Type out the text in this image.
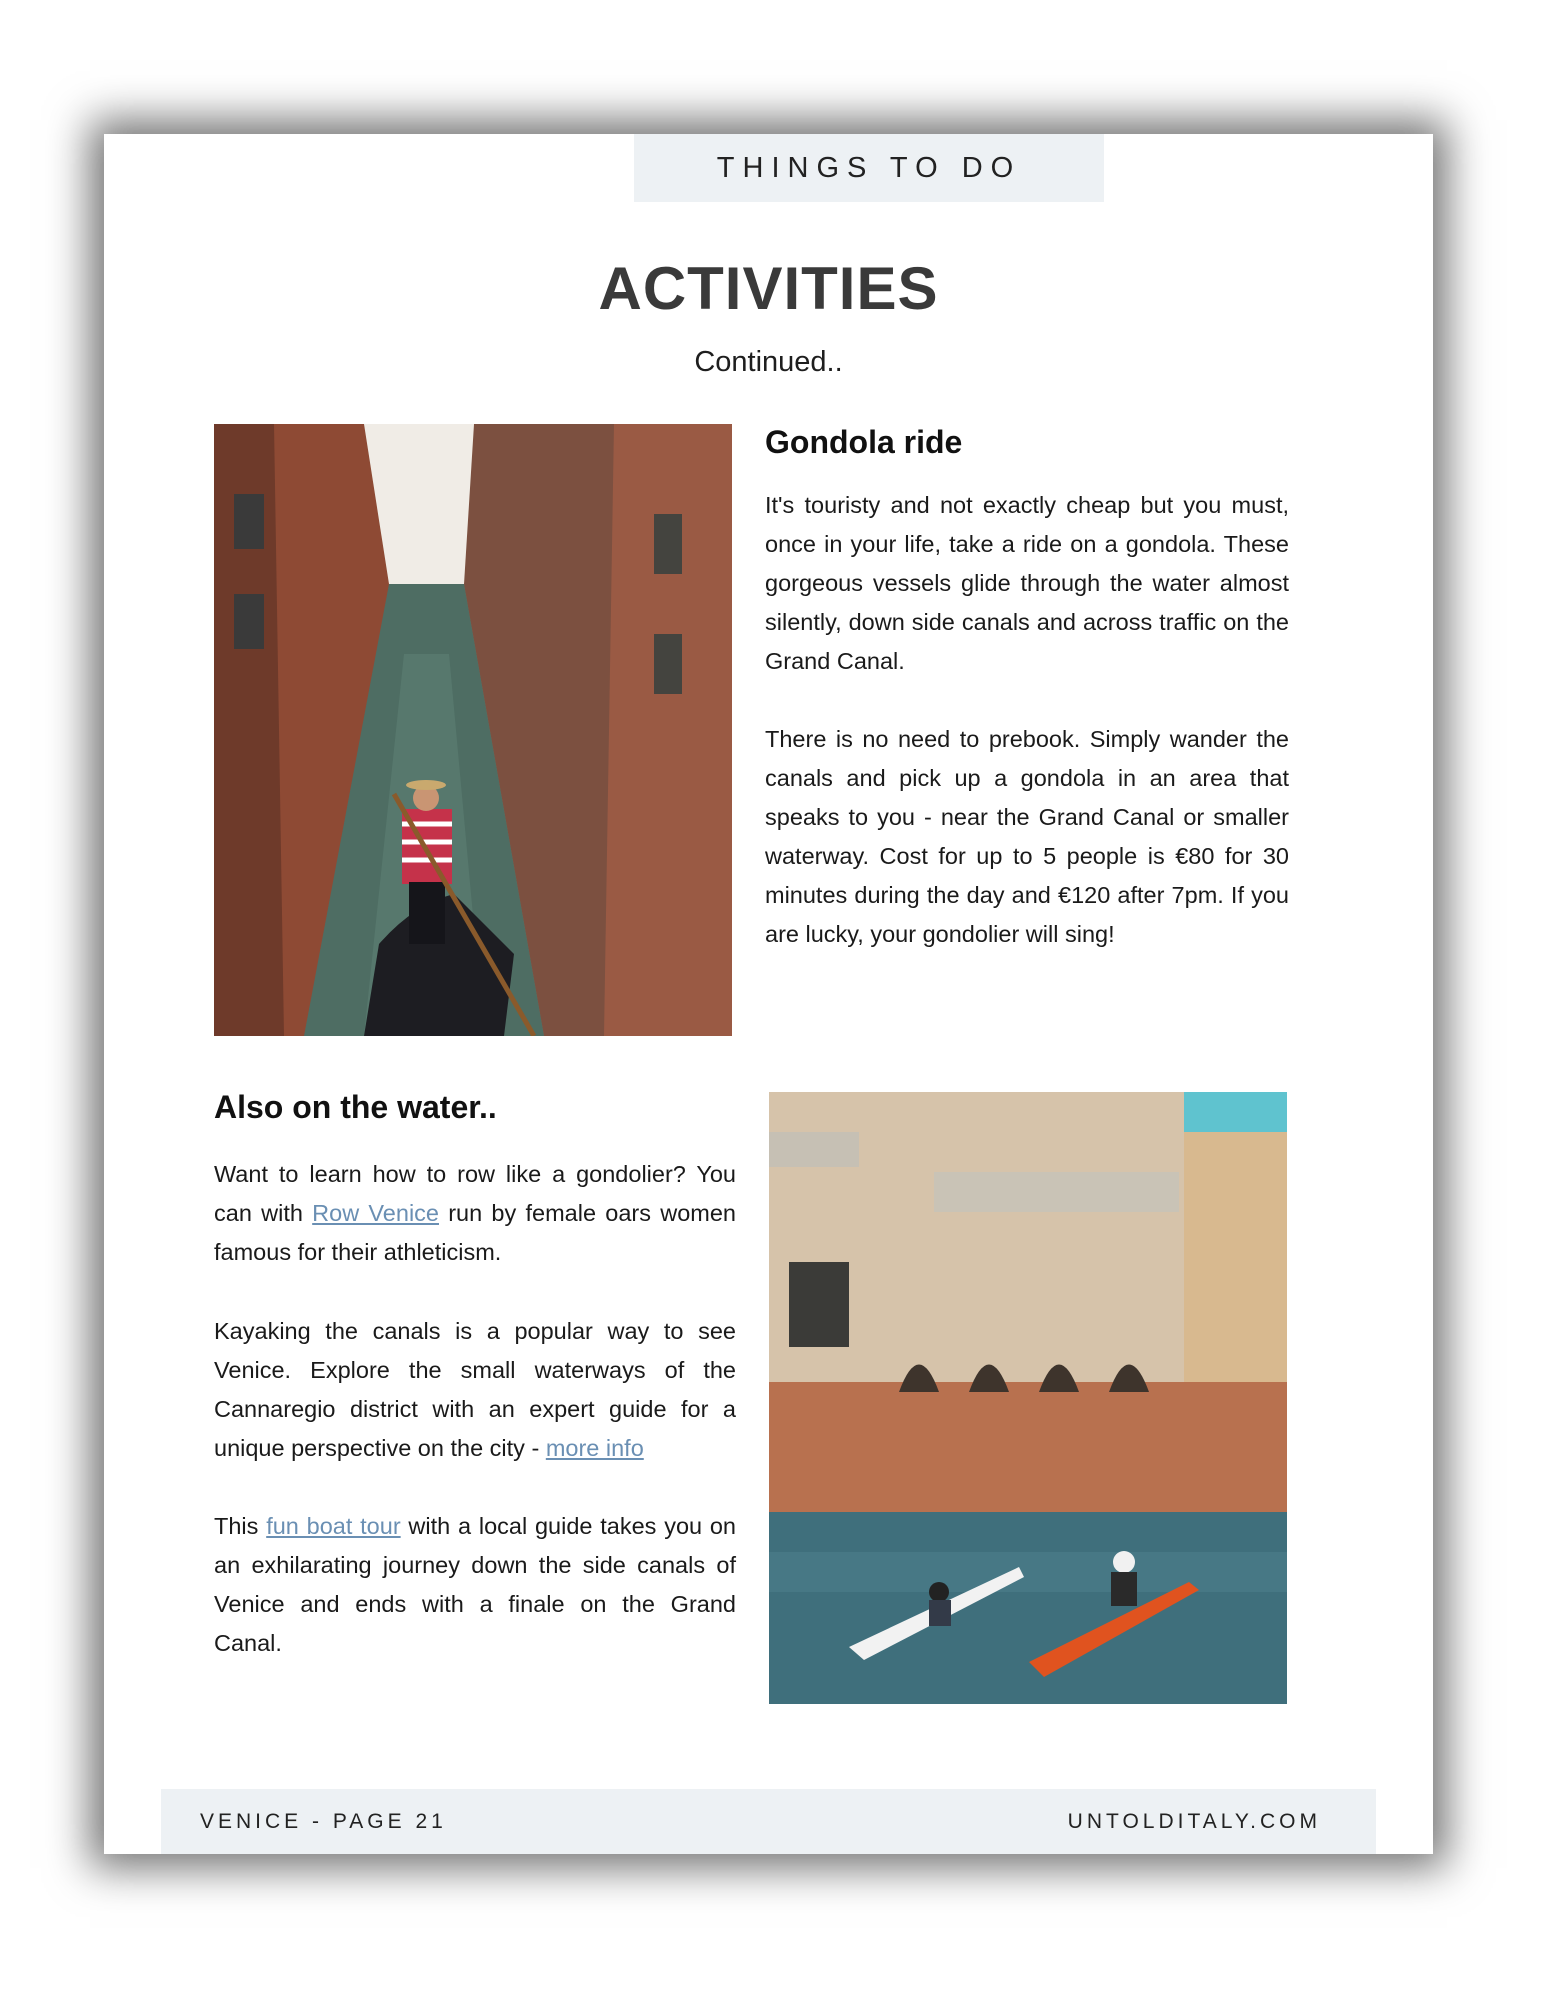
THINGS TO DO
ACTIVITIES
Continued..
Gondola ride

It's touristy and not exactly cheap but you must, once in your life, take a ride on a gondola. These gorgeous vessels glide through the water almost silently, down side canals and across traffic on the Grand Canal.

There is no need to prebook. Simply wander the canals and pick up a gondola in an area that speaks to you - near the Grand Canal or smaller waterway. Cost for up to 5 people is €80 for 30 minutes during the day and €120 after 7pm. If you are lucky, your gondolier will sing!

Also on the water..

Want to learn how to row like a gondolier? You can with Row Venice run by female oars women famous for their athleticism.

Kayaking the canals is a popular way to see Venice. Explore the small waterways of the Cannaregio district with an expert guide for a unique perspective on the city - more info

This fun boat tour with a local guide takes you on an exhilarating journey down the side canals of Venice and ends with a finale on the Grand Canal.

VENICE - PAGE 21	UNTOLDITALY.COM
